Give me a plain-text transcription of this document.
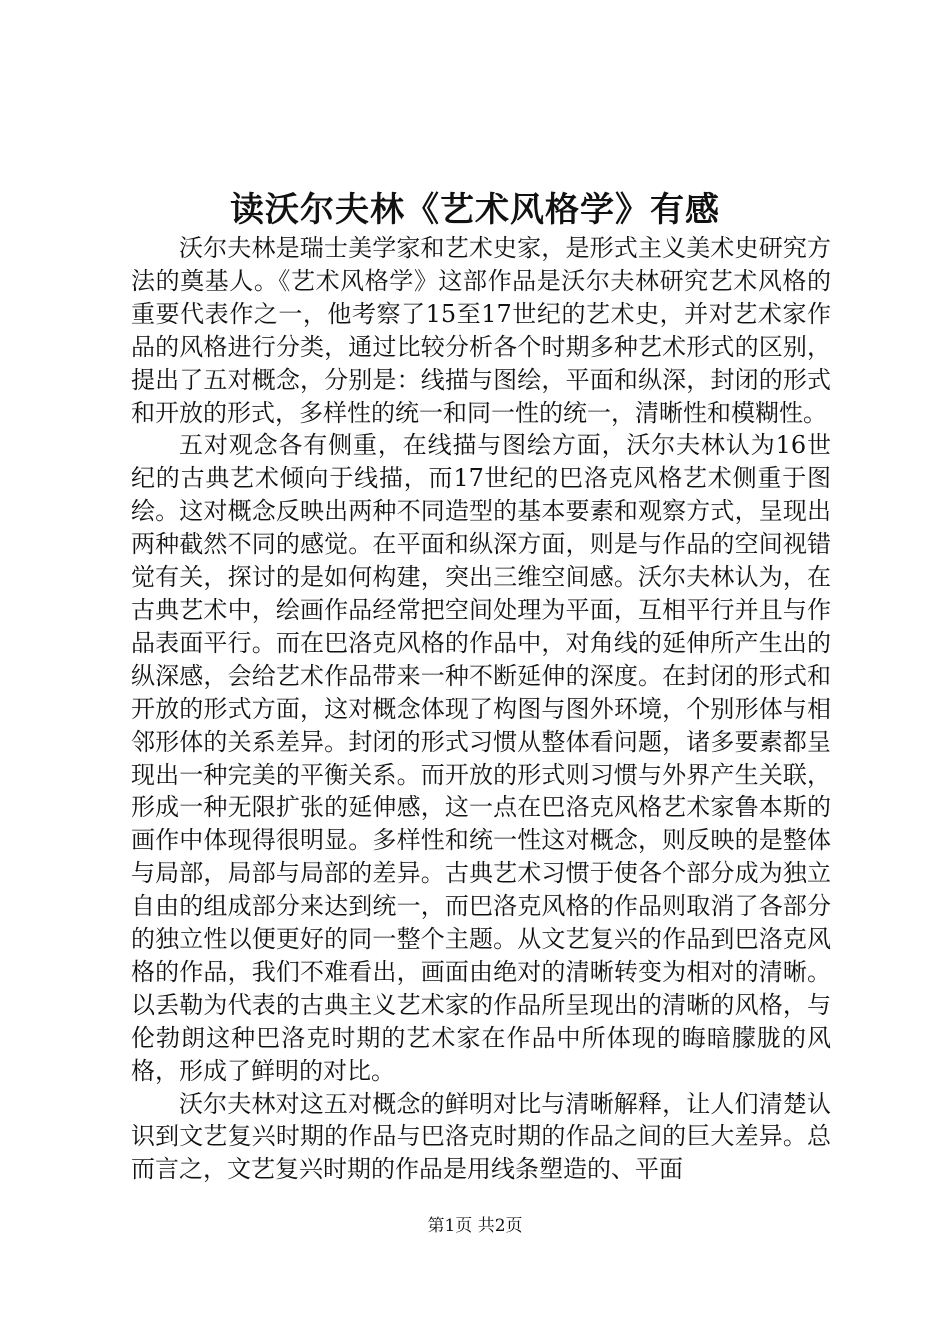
读沃尔夫林《艺术风格学》有感

沃尔夫林是瑞士美学家和艺术史家，是形式主义美术史研究方法的奠基人。《艺术风格学》这部作品是沃尔夫林研究艺术风格的重要代表作之一，他考察了15至17世纪的艺术史，并对艺术家作品的风格进行分类，通过比较分析各个时期多种艺术形式的区别，提出了五对概念，分别是：线描与图绘，平面和纵深，封闭的形式和开放的形式，多样性的统一和同一性的统一，清晰性和模糊性。

五对观念各有侧重，在线描与图绘方面，沃尔夫林认为16世纪的古典艺术倾向于线描，而17世纪的巴洛克风格艺术侧重于图绘。这对概念反映出两种不同造型的基本要素和观察方式，呈现出两种截然不同的感觉。在平面和纵深方面，则是与作品的空间视错觉有关，探讨的是如何构建，突出三维空间感。沃尔夫林认为，在古典艺术中，绘画作品经常把空间处理为平面，互相平行并且与作品表面平行。而在巴洛克风格的作品中，对角线的延伸所产生出的纵深感，会给艺术作品带来一种不断延伸的深度。在封闭的形式和开放的形式方面，这对概念体现了构图与图外环境，个别形体与相邻形体的关系差异。封闭的形式习惯从整体看问题，诸多要素都呈现出一种完美的平衡关系。而开放的形式则习惯与外界产生关联，形成一种无限扩张的延伸感，这一点在巴洛克风格艺术家鲁本斯的画作中体现得很明显。多样性和统一性这对概念，则反映的是整体与局部，局部与局部的差异。古典艺术习惯于使各个部分成为独立自由的组成部分来达到统一，而巴洛克风格的作品则取消了各部分的独立性以便更好的同一整个主题。从文艺复兴的作品到巴洛克风格的作品，我们不难看出，画面由绝对的清晰转变为相对的清晰。以丢勒为代表的古典主义艺术家的作品所呈现出的清晰的风格，与伦勃朗这种巴洛克时期的艺术家在作品中所体现的晦暗朦胧的风格，形成了鲜明的对比。

沃尔夫林对这五对概念的鲜明对比与清晰解释，让人们清楚认识到文艺复兴时期的作品与巴洛克时期的作品之间的巨大差异。总而言之，文艺复兴时期的作品是用线条塑造的、平面

第1页 共2页
